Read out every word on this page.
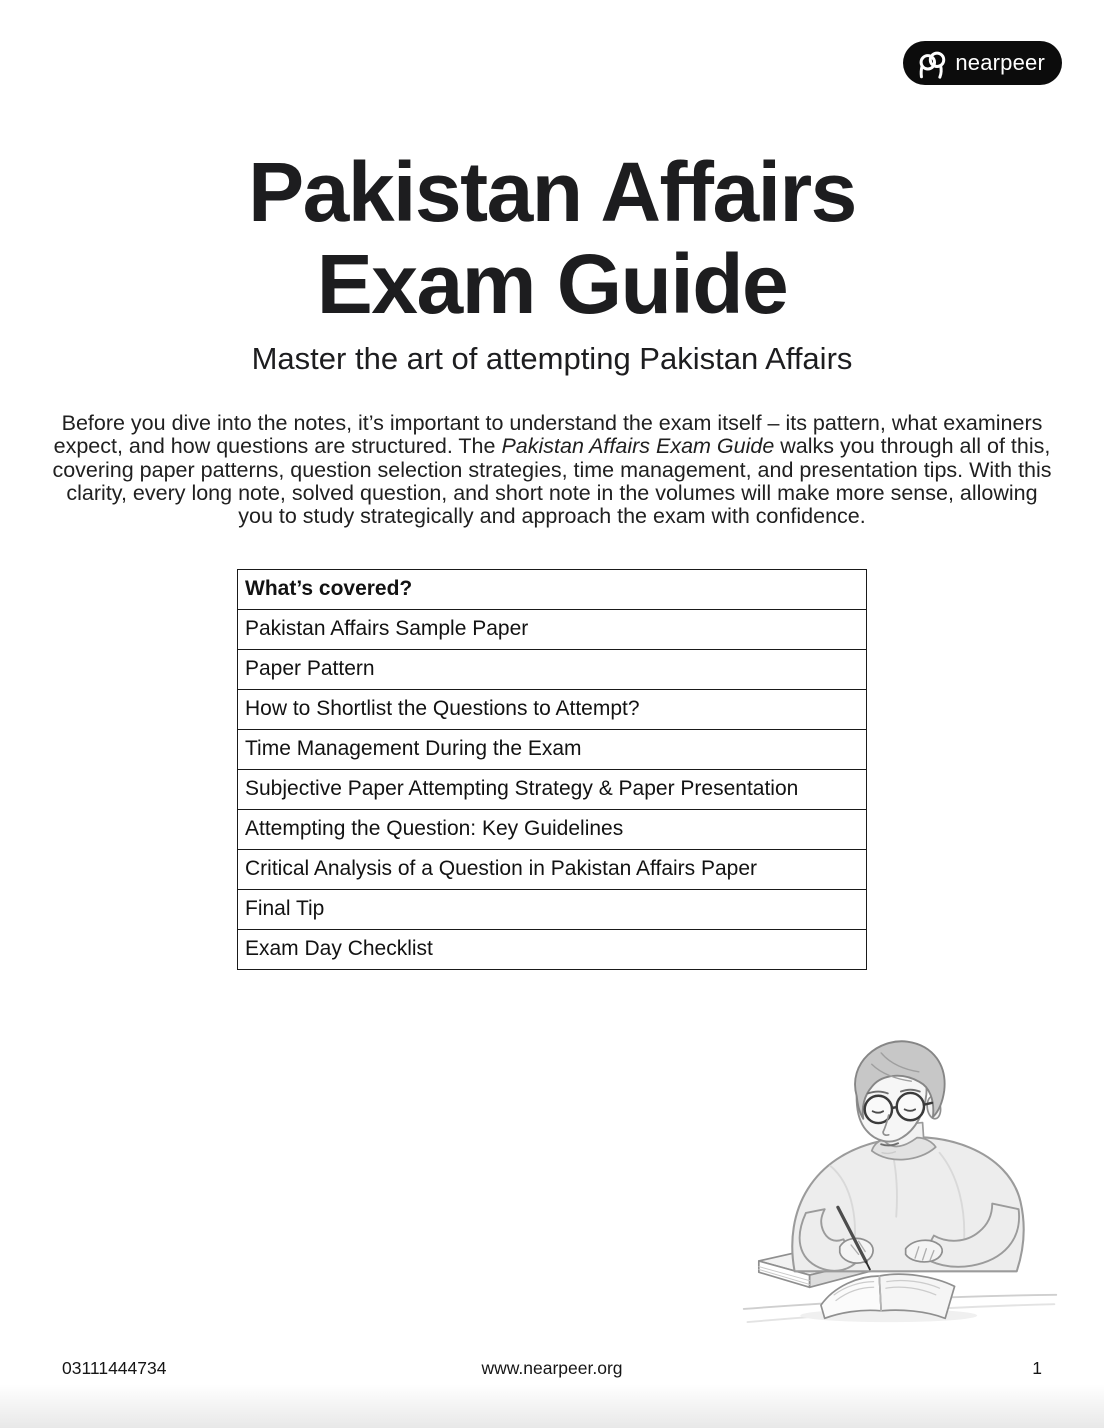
nearpeer
Pakistan Affairs
Exam Guide
Master the art of attempting Pakistan Affairs

Before you dive into the notes, it’s important to understand the exam itself – its pattern, what examiners expect, and how questions are structured. The Pakistan Affairs Exam Guide walks you through all of this, covering paper patterns, question selection strategies, time management, and presentation tips. With this clarity, every long note, solved question, and short note in the volumes will make more sense, allowing you to study strategically and approach the exam with confidence.

What’s covered?
Pakistan Affairs Sample Paper
Paper Pattern
How to Shortlist the Questions to Attempt?
Time Management During the Exam
Subjective Paper Attempting Strategy & Paper Presentation
Attempting the Question: Key Guidelines
Critical Analysis of a Question in Pakistan Affairs Paper
Final Tip
Exam Day Checklist
03111444734	www.nearpeer.org	1
